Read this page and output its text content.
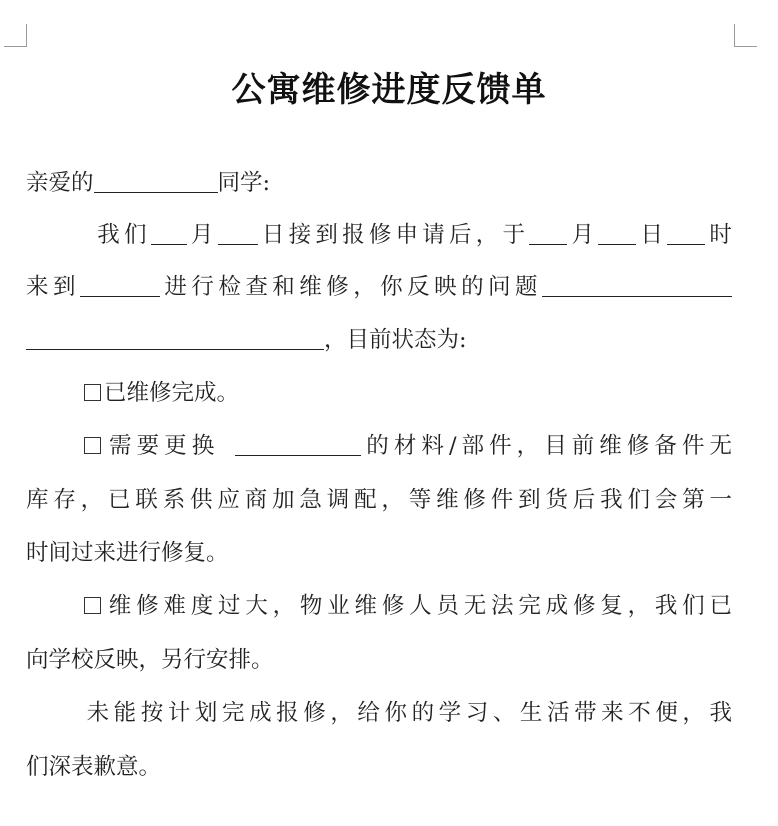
公寓维修进度反馈单
亲爱的	同学:
我们 月 日接到报修申请后，于 月 日 时
来到	进行检查和维修，你反映的问题
，目前状态为:
已维修完成。
需要更换	的材料/部件，目前维修备件无
库存，已联系供应商加急调配，等维修件到货后我们会第一
时间过来进行修复。
维修难度过大，物业维修人员无法完成修复，我们已
向学校反映，另行安排。
未能按计划完成报修，给你的学习、生活带来不便，我
们深表歉意。
